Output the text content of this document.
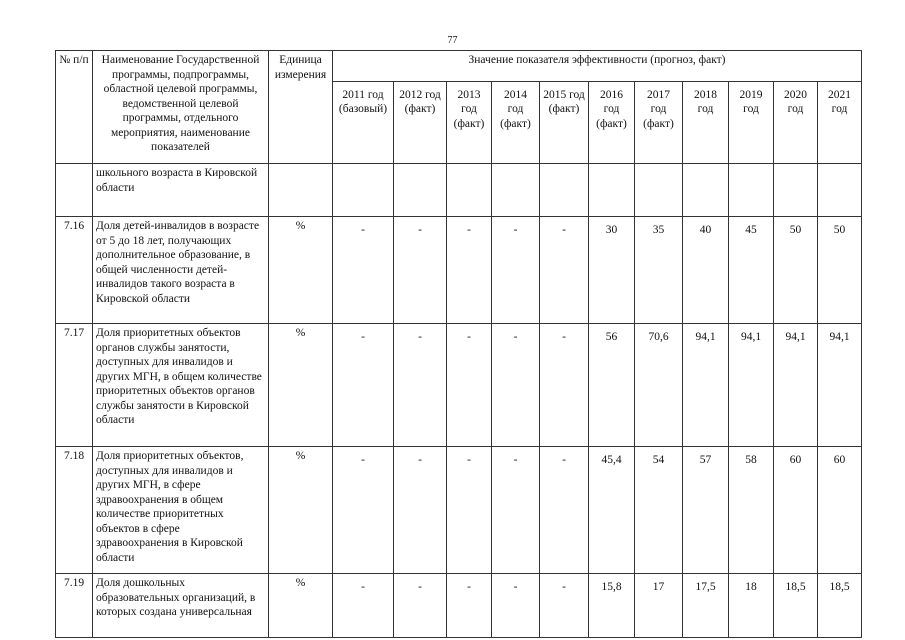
77
№ п/п	Наименование Государственной программы, подпрограммы, областной целевой программы, ведомственной целевой программы, отдельного мероприятия, наименование показателей	Единица измерения	Значение показателя эффективности (прогноз, факт)										
			2011 год (базовый)	2012 год (факт)	2013 год (факт)	2014 год (факт)	2015 год (факт)	2016 год (факт)	2017 год (факт)	2018 год	2019 год	2020 год	2021 год
	школьного возраста в Кировской области												
7.16	Доля детей-инвалидов в возрасте от 5 до 18 лет, получающих дополнительное образование, в общей численности детей-инвалидов такого возраста в Кировской области	%	-	-	-	-	-	30	35	40	45	50	50
7.17	Доля приоритетных объектов органов службы занятости, доступных для инвалидов и других МГН, в общем количестве приоритетных объектов органов службы занятости в Кировской области	%	-	-	-	-	-	56	70,6	94,1	94,1	94,1	94,1
7.18	Доля приоритетных объектов, доступных для инвалидов и других МГН, в сфере здравоохранения в общем количестве приоритетных объектов в сфере здравоохранения в Кировской области	%	-	-	-	-	-	45,4	54	57	58	60	60
7.19	Доля дошкольных образовательных организаций, в которых создана универсальная	%	-	-	-	-	-	15,8	17	17,5	18	18,5	18,5
